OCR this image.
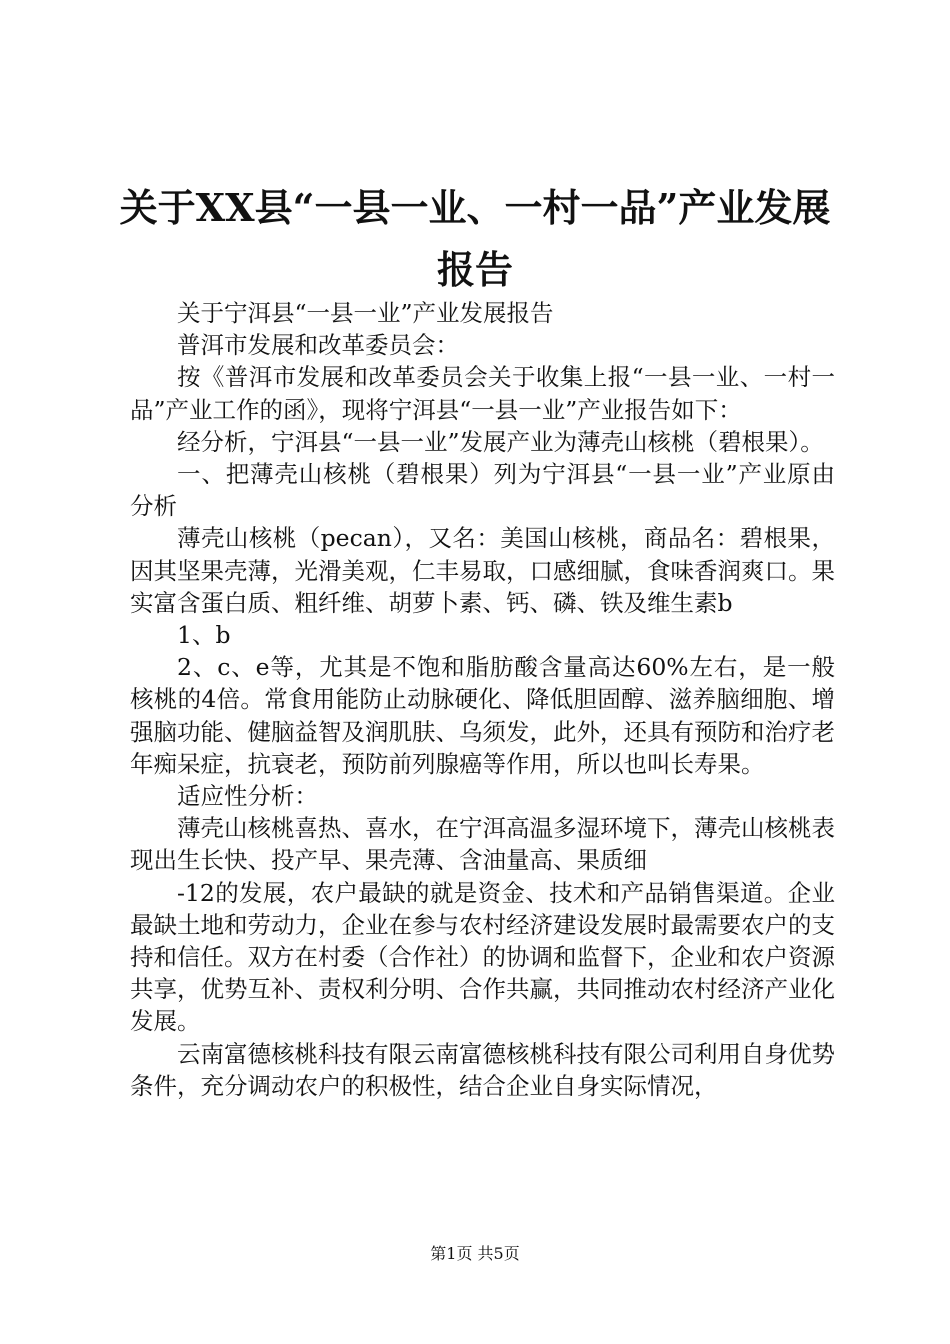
关于XX县“一县一业、一村一品”产业发展
报告

关于宁洱县“一县一业”产业发展报告

普洱市发展和改革委员会：

按《普洱市发展和改革委员会关于收集上报“一县一业、一村一品”产业工作的函》，现将宁洱县“一县一业”产业报告如下：

经分析，宁洱县“一县一业”发展产业为薄壳山核桃（碧根果）。

一、把薄壳山核桃（碧根果）列为宁洱县“一县一业”产业原由分析

薄壳山核桃（pecan），又名：美国山核桃，商品名：碧根果，因其坚果壳薄，光滑美观，仁丰易取，口感细腻，食味香润爽口。果实富含蛋白质、粗纤维、胡萝卜素、钙、磷、铁及维生素b

1、b

2、c、e等，尤其是不饱和脂肪酸含量高达60%左右，是一般核桃的4倍。常食用能防止动脉硬化、降低胆固醇、滋养脑细胞、增强脑功能、健脑益智及润肌肤、乌须发，此外，还具有预防和治疗老年痴呆症，抗衰老，预防前列腺癌等作用，所以也叫长寿果。

适应性分析：

薄壳山核桃喜热、喜水，在宁洱高温多湿环境下，薄壳山核桃表现出生长快、投产早、果壳薄、含油量高、果质细

-12的发展，农户最缺的就是资金、技术和产品销售渠道。企业最缺土地和劳动力，企业在参与农村经济建设发展时最需要农户的支持和信任。双方在村委（合作社）的协调和监督下，企业和农户资源共享，优势互补、责权利分明、合作共赢，共同推动农村经济产业化发展。

云南富德核桃科技有限云南富德核桃科技有限公司利用自身优势条件，充分调动农户的积极性，结合企业自身实际情况，

第1页 共5页
